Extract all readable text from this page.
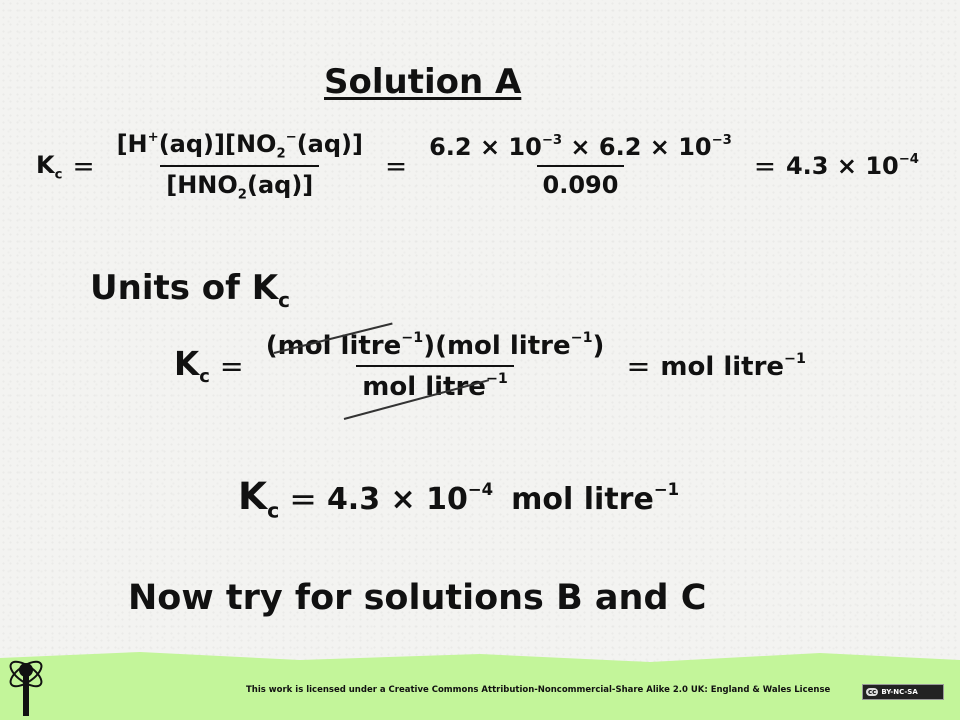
Solution A
$K_c = \frac{[H^+(aq)][NO_2^-(aq)]}{[HNO_2(aq)]} = \frac{6.2 \times 10^{-3} \times 6.2 \times 10^{-3}}{0.090} = 4.3 \times 10^{-4}$
Units of $K_c$
$K_c = \frac{(mol litre^{-1})(mol litre^{-1})}{mol litre^{-1}}$ = mol litre$^{-1}$
$K_c = 4.3 \times 10^{-4}$ mol litre$^{-1}$
Now try for solutions B and C
This work is licensed under a Creative Commons Attribution-Noncommercial-Share Alike 2.0 UK: England & Wales License	cc BY-NC-SA
